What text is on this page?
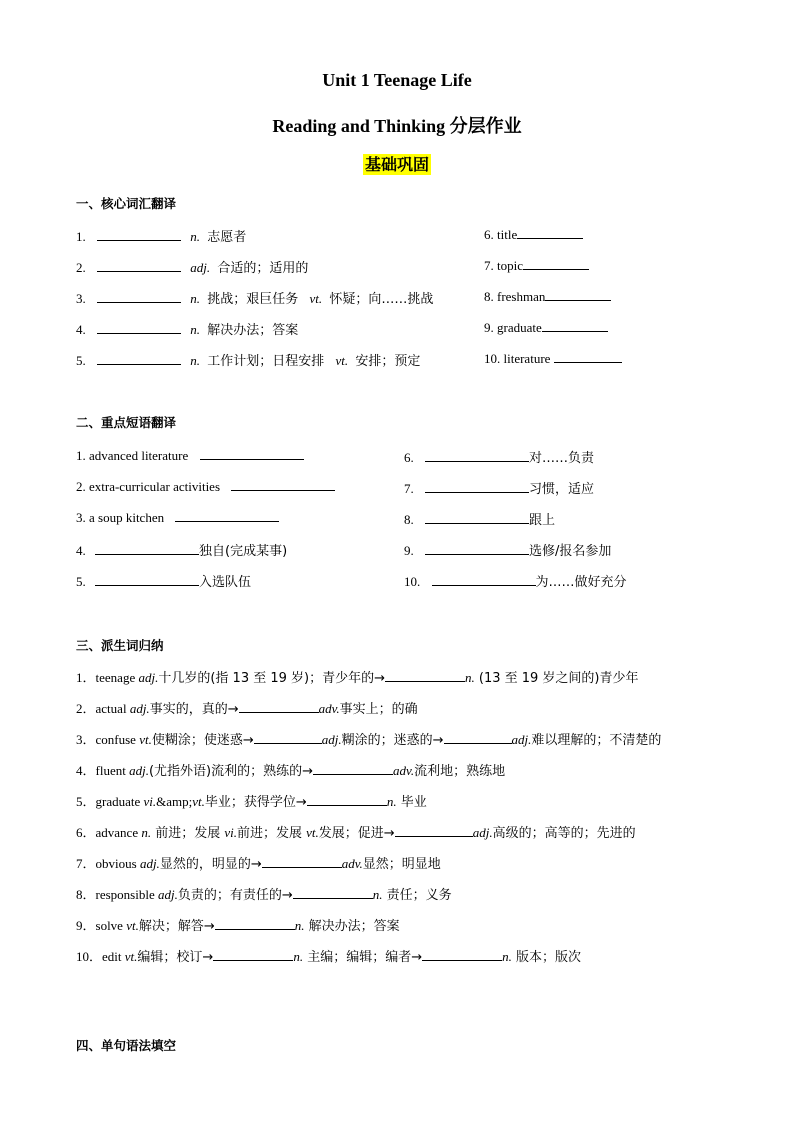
Unit 1 Teenage Life
Reading and Thinking 分层作业
基础巩固
一、核心词汇翻译
1.	n. 志愿者
2.	adj. 合适的；适用的
3.	n. 挑战；艰巨任务 vt. 怀疑；向……挑战
4.	n. 解决办法；答案
5.	n. 工作计划；日程安排 vt. 安排；预定
6. title
7. topic
8. freshman
9. graduate
10. literature
二、重点短语翻译
1. advanced literature
2. extra-curricular activities
3. a soup kitchen
4.	独自(完成某事)
5.	入选队伍
6.	对……负责
7.	习惯，适应
8.	跟上
9.	选修/报名参加
10.	为……做好充分
三、派生词归纳
1．teenage adj.十几岁的(指 13 至 19 岁)；青少年的→	n. (13 至 19 岁之间的)青少年
2．actual adj.事实的，真的→	adv.事实上；的确
3．confuse vt.使糊涂；使迷惑→	adj.糊涂的；迷惑的→	adj.难以理解的；不清楚的
4．fluent adj.(尤指外语)流利的；熟练的→	adv.流利地；熟练地
5．graduate vi.&amp;vt.毕业；获得学位→	n. 毕业
6．advance n. 前进；发展 vi.前进；发展 vt.发展；促进→	adj.高级的；高等的；先进的
7．obvious adj.显然的，明显的→	adv.显然；明显地
8．responsible adj.负责的；有责任的→	n. 责任；义务
9．solve vt.解决；解答→	n. 解决办法；答案
10．edit vt.编辑；校订→	n. 主编；编辑；编者→	n. 版本；版次
四、单句语法填空
